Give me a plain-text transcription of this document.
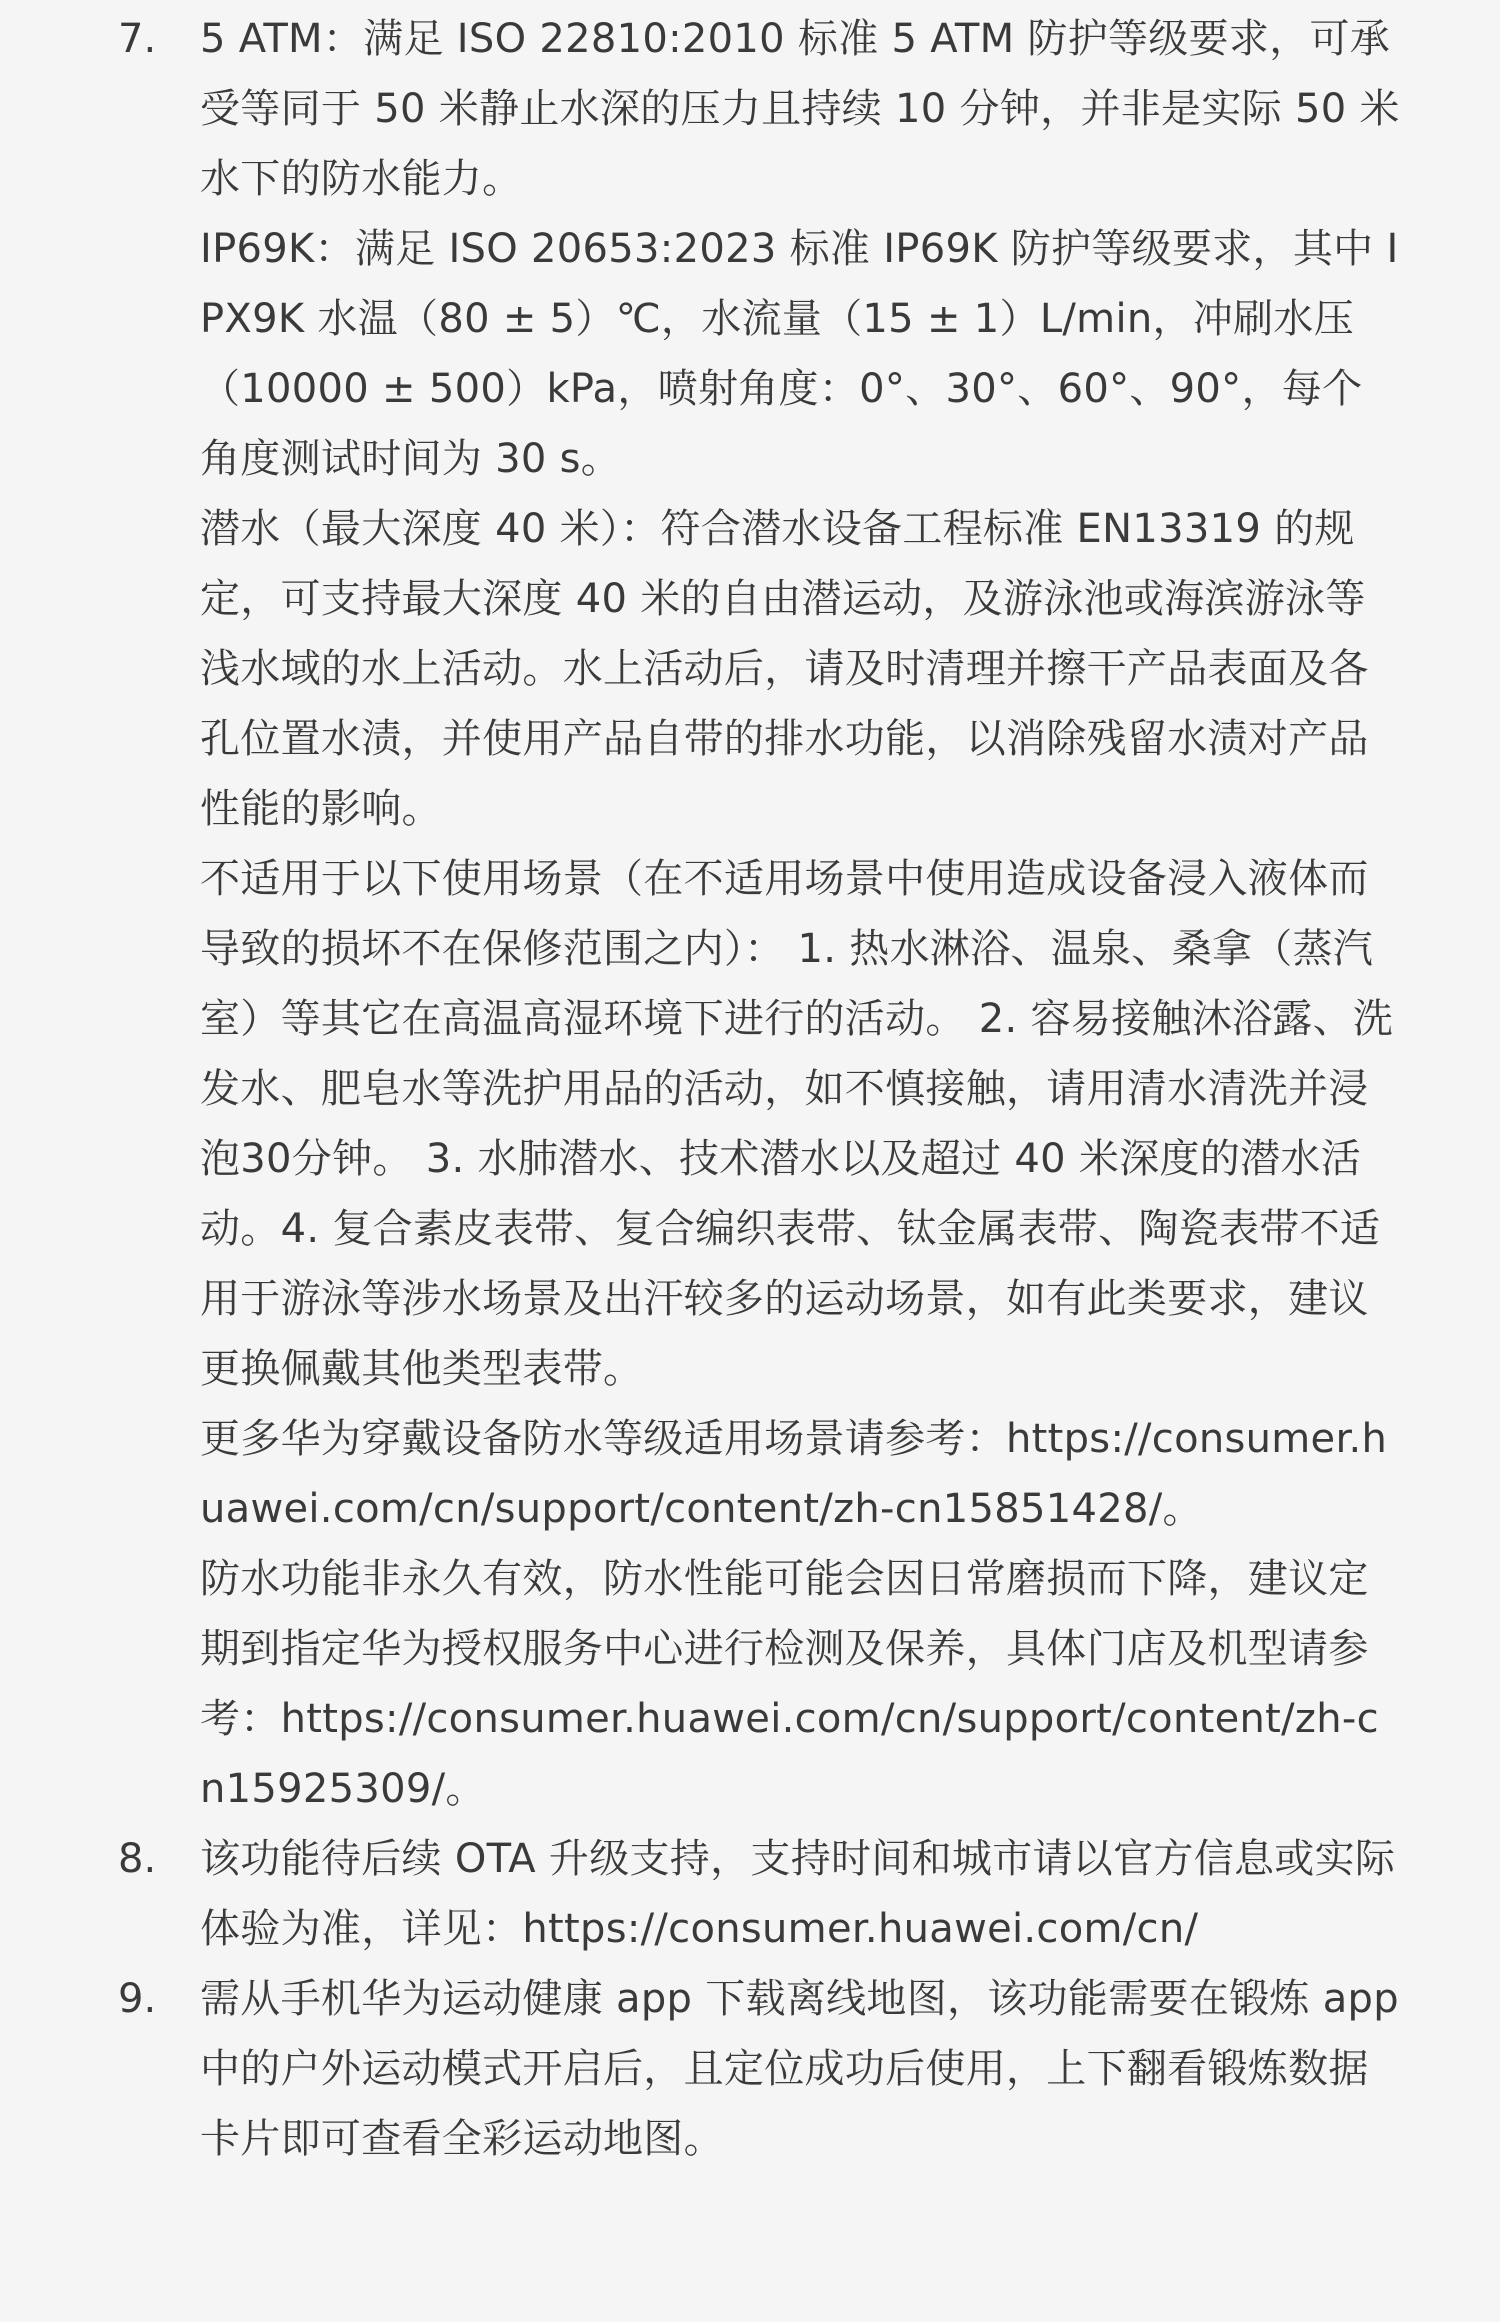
7.	5 ATM：满足 ISO 22810:2010 标准 5 ATM 防护等级要求，可承受等同于 50 米静止水深的压力且持续 10 分钟，并非是实际 50 米水下的防水能力。

IP69K：满足 ISO 20653:2023 标准 IP69K 防护等级要求，其中 IPX9K 水温（80 ± 5）℃，水流量（15 ± 1）L/min，冲刷水压（10000 ± 500）kPa，喷射角度：0°、30°、60°、90°，每个角度测试时间为 30 s。

潜水（最大深度 40 米）：符合潜水设备工程标准 EN13319 的规定，可支持最大深度 40 米的自由潜运动，及游泳池或海滨游泳等浅水域的水上活动。水上活动后，请及时清理并擦干产品表面及各孔位置水渍，并使用产品自带的排水功能，以消除残留水渍对产品性能的影响。

不适用于以下使用场景（在不适用场景中使用造成设备浸入液体而导致的损坏不在保修范围之内）： 1. 热水淋浴、温泉、桑拿（蒸汽室）等其它在高温高湿环境下进行的活动。 2. 容易接触沐浴露、洗发水、肥皂水等洗护用品的活动，如不慎接触，请用清水清洗并浸泡30分钟。 3. 水肺潜水、技术潜水以及超过 40 米深度的潜水活动。4. 复合素皮表带、复合编织表带、钛金属表带、陶瓷表带不适用于游泳等涉水场景及出汗较多的运动场景，如有此类要求，建议更换佩戴其他类型表带。

更多华为穿戴设备防水等级适用场景请参考：https://consumer.huawei.com/cn/support/content/zh-cn15851428/。

防水功能非永久有效，防水性能可能会因日常磨损而下降，建议定期到指定华为授权服务中心进行检测及保养，具体门店及机型请参考：https://consumer.huawei.com/cn/support/content/zh-cn15925309/。

8.	该功能待后续 OTA 升级支持，支持时间和城市请以官方信息或实际体验为准，详见：https://consumer.huawei.com/cn/

9.	需从手机华为运动健康 app 下载离线地图，该功能需要在锻炼 app 中的户外运动模式开启后，且定位成功后使用，上下翻看锻炼数据卡片即可查看全彩运动地图。
